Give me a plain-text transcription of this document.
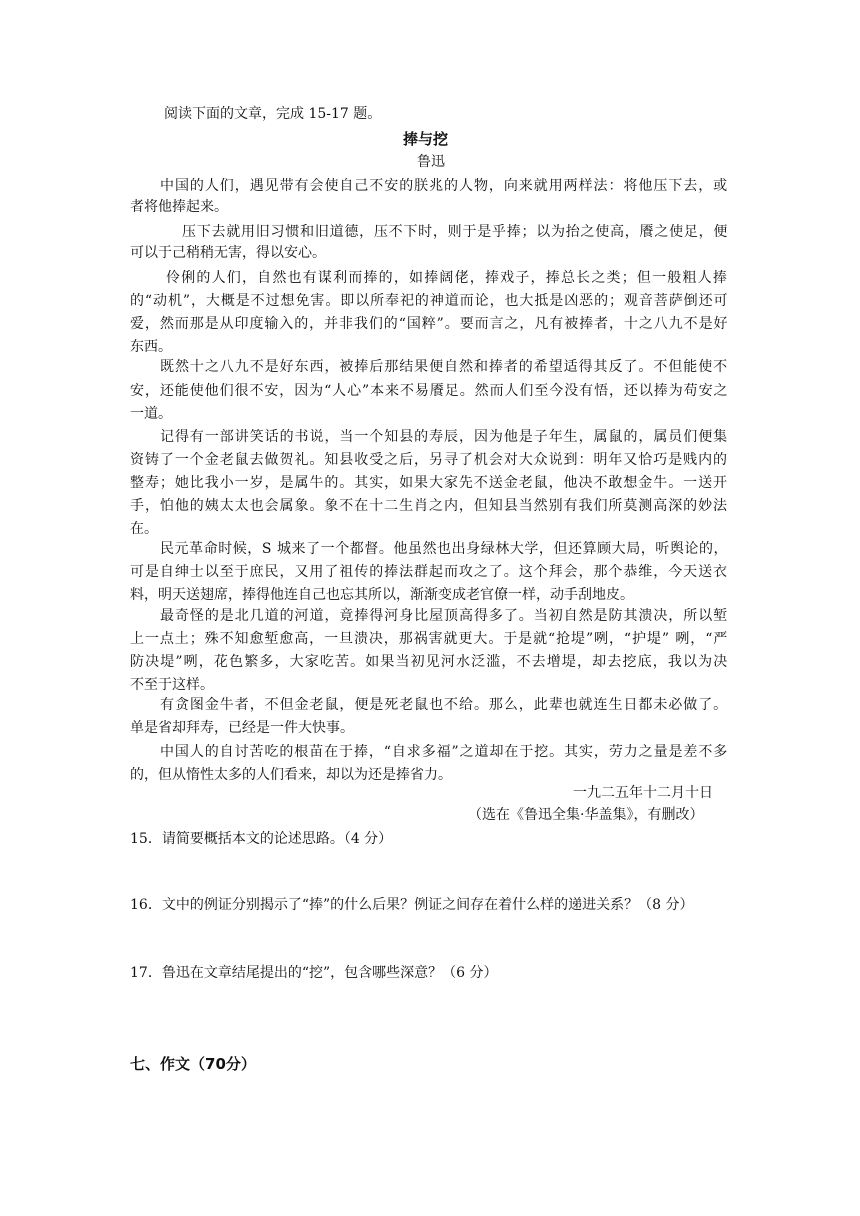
阅读下面的文章，完成 15-17 题。
捧与挖
鲁迅
中国的人们，遇见带有会使自己不安的朕兆的人物，向来就用两样法：将他压下去，或
者将他捧起来。
压下去就用旧习惯和旧道德，压不下时，则于是乎捧；以为抬之使高，餍之使足，便
可以于己稍稍无害，得以安心。
伶俐的人们，自然也有谋利而捧的，如捧阔佬，捧戏子，捧总长之类；但一般粗人捧
的“动机”，大概是不过想免害。即以所奉祀的神道而论，也大抵是凶恶的；观音菩萨倒还可
爱，然而那是从印度输入的，并非我们的“国粹”。要而言之，凡有被捧者，十之八九不是好
东西。
既然十之八九不是好东西，被捧后那结果便自然和捧者的希望适得其反了。不但能使不
安，还能使他们很不安，因为“人心”本来不易餍足。然而人们至今没有悟，还以捧为苟安之
一道。
记得有一部讲笑话的书说，当一个知县的寿辰，因为他是子年生，属鼠的，属员们便集
资铸了一个金老鼠去做贺礼。知县收受之后，另寻了机会对大众说到：明年又恰巧是贱内的
整寿；她比我小一岁，是属牛的。其实，如果大家先不送金老鼠，他决不敢想金牛。一送开
手，怕他的姨太太也会属象。象不在十二生肖之内，但知县当然别有我们所莫测高深的妙法
在。
民元革命时候，S 城来了一个都督。他虽然也出身绿林大学，但还算顾大局，听舆论的，
可是自绅士以至于庶民，又用了祖传的捧法群起而攻之了。这个拜会，那个恭维，今天送衣
料，明天送翅席，捧得他连自己也忘其所以，渐渐变成老官僚一样，动手刮地皮。
最奇怪的是北几道的河道，竟捧得河身比屋顶高得多了。当初自然是防其溃决，所以堑
上一点土；殊不知愈堑愈高，一旦溃决，那祸害就更大。于是就“抢堤”咧，“护堤” 咧，“严
防决堤”咧，花色繁多，大家吃苦。如果当初见河水泛滥，不去增堤，却去挖底，我以为决
不至于这样。
有贪图金牛者，不但金老鼠，便是死老鼠也不给。那么，此辈也就连生日都未必做了。
单是省却拜寿，已经是一件大快事。
中国人的自讨苦吃的根苗在于捧，“自求多福”之道却在于挖。其实，劳力之量是差不多
的，但从惰性太多的人们看来，却以为还是捧省力。
一九二五年十二月十日
（选在《鲁迅全集·华盖集》，有删改）
15．请简要概括本文的论述思路。（4 分）
16．文中的例证分别揭示了“捧”的什么后果？例证之间存在着什么样的递进关系？（8 分）
17．鲁迅在文章结尾提出的“挖”，包含哪些深意？（6 分）
七、作文（70分）
